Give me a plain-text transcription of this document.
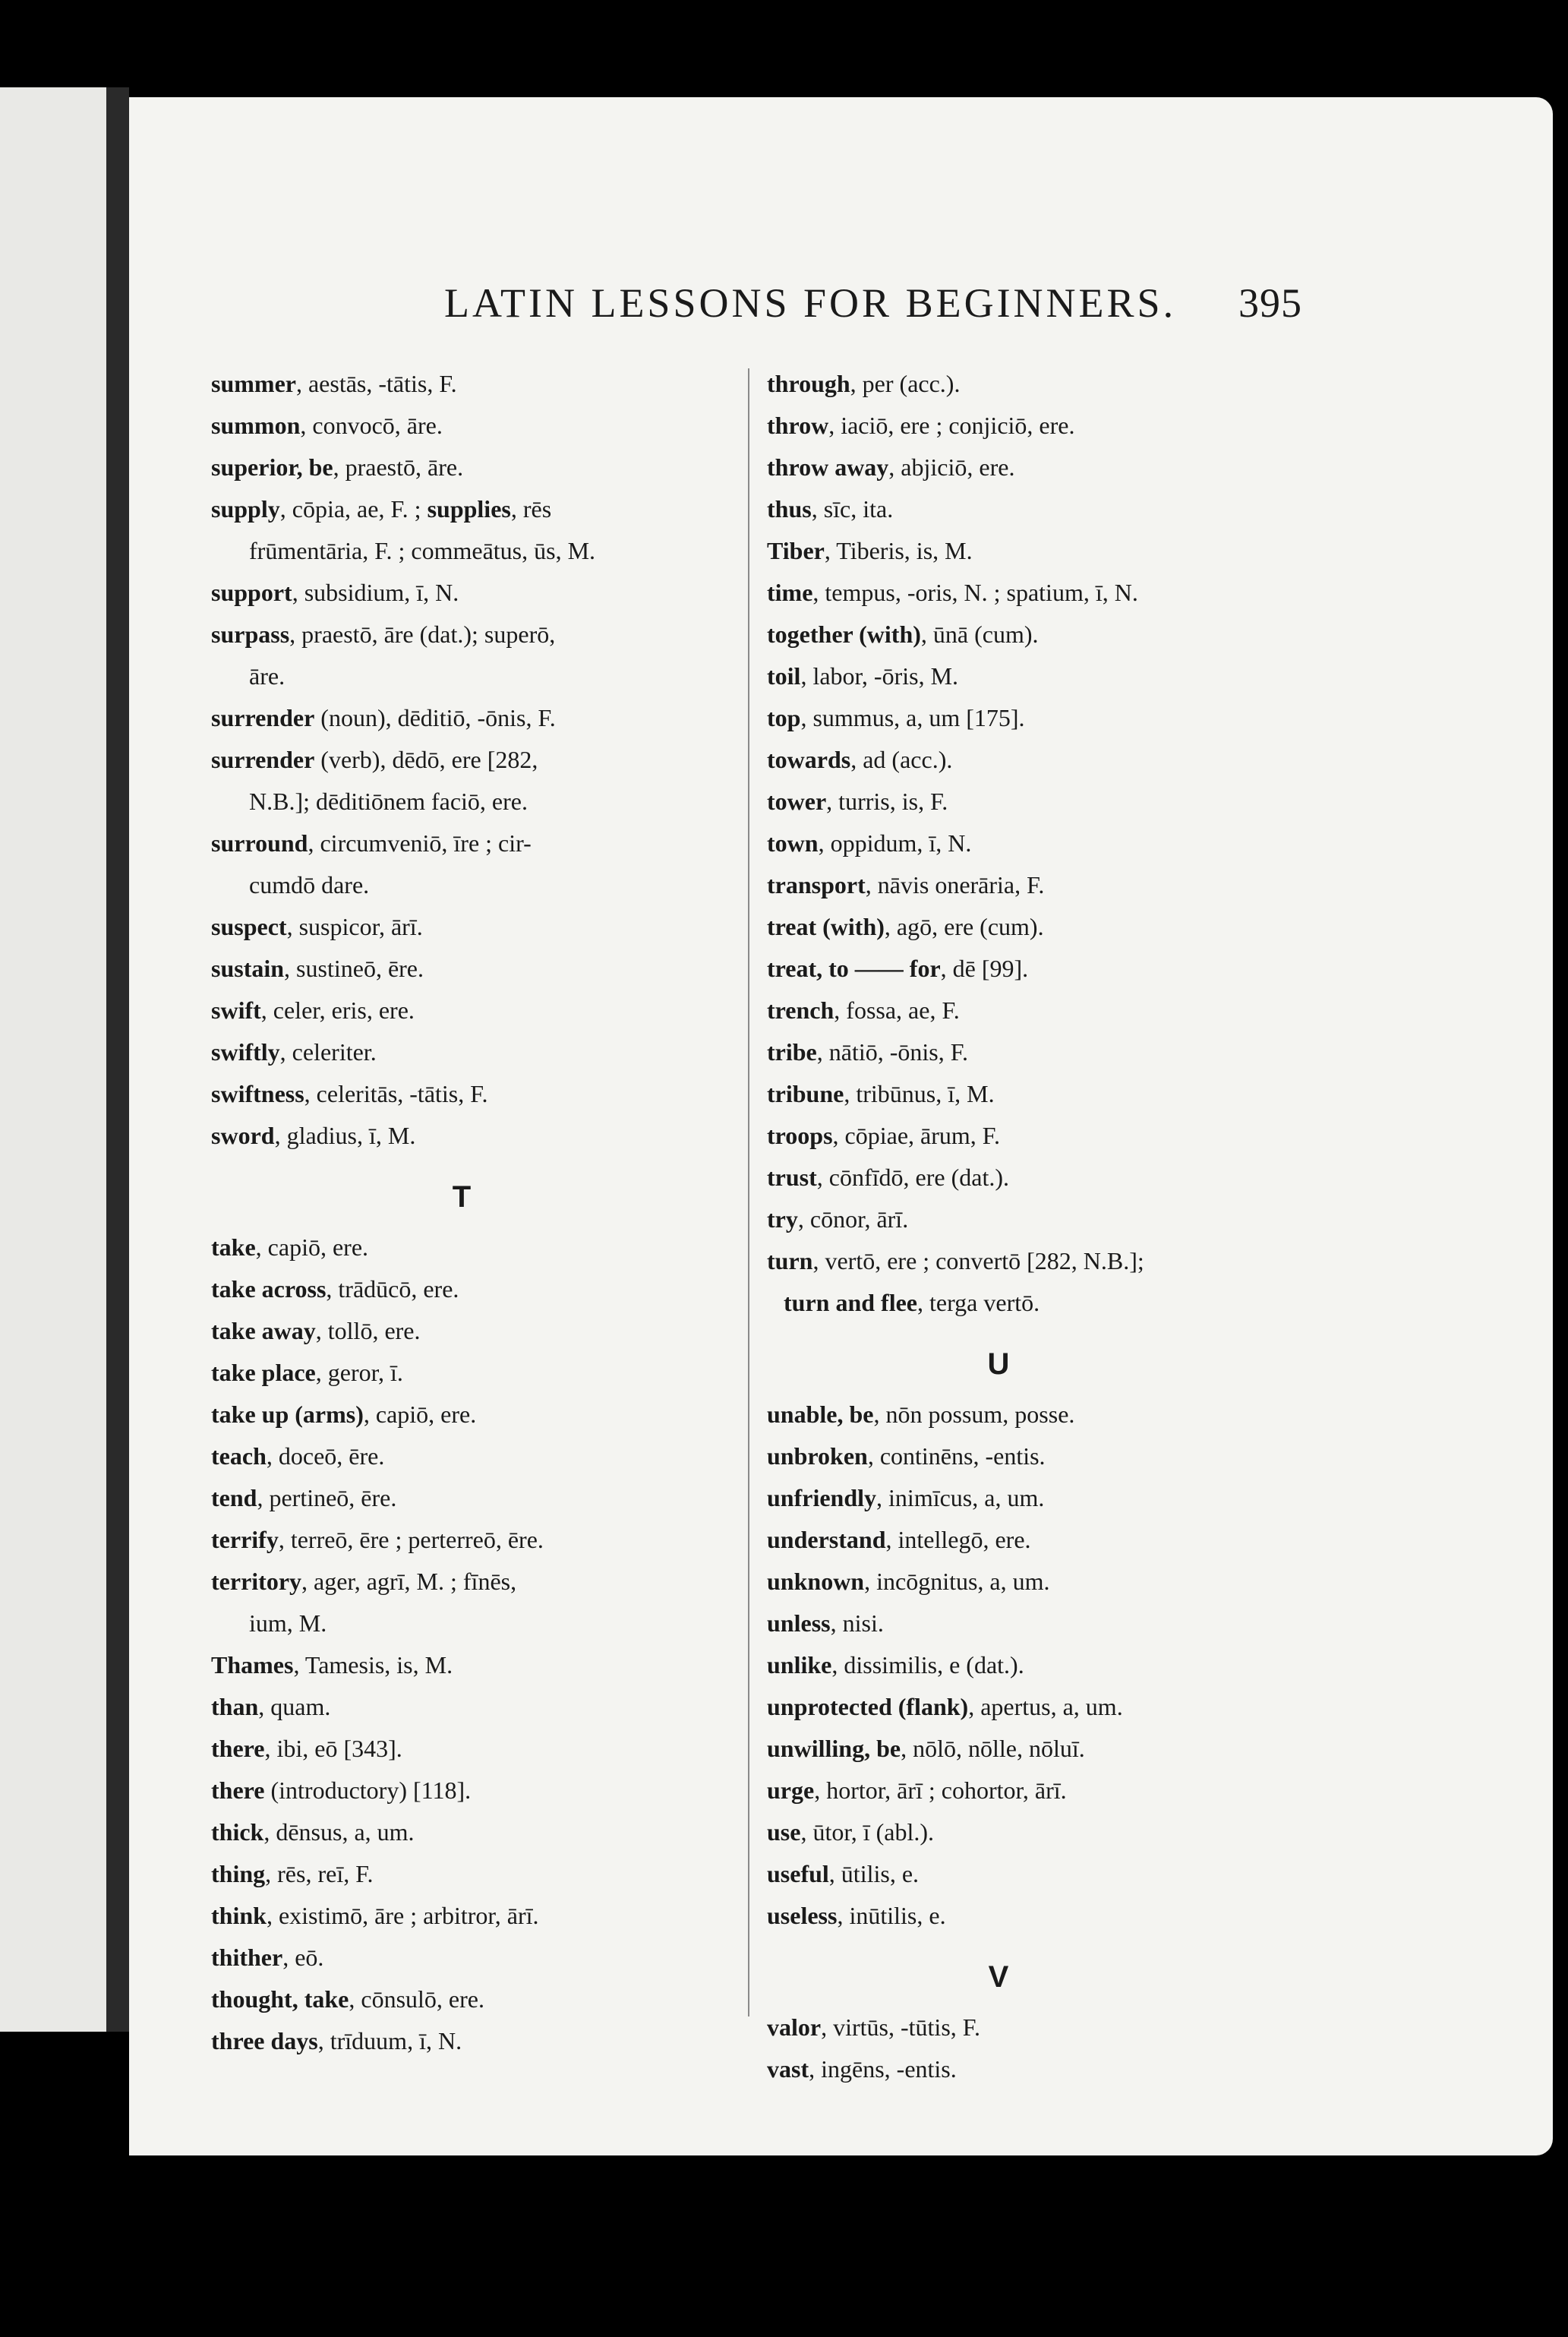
LATIN LESSONS FOR BEGINNERS. 395
summer, aestās, -tātis, F.
summon, convocō, āre.
superior, be, praestō, āre.
supply, cōpia, ae, F. ; supplies, rēs
frūmentāria, F. ; commeātus, ūs, M.
support, subsidium, ī, N.
surpass, praestō, āre (dat.); superō,
āre.
surrender (noun), dēditiō, -ōnis, F.
surrender (verb), dēdō, ere [282,
N.B.]; dēditiōnem faciō, ere.
surround, circumveniō, īre ; cir-
cumdō dare.
suspect, suspicor, ārī.
sustain, sustineō, ēre.
swift, celer, eris, ere.
swiftly, celeriter.
swiftness, celeritās, -tātis, F.
sword, gladius, ī, M.
T
take, capiō, ere.
take across, trādūcō, ere.
take away, tollō, ere.
take place, geror, ī.
take up (arms), capiō, ere.
teach, doceō, ēre.
tend, pertineō, ēre.
terrify, terreō, ēre ; perterreō, ēre.
territory, ager, agrī, M. ; fīnēs,
ium, M.
Thames, Tamesis, is, M.
than, quam.
there, ibi, eō [343].
there (introductory) [118].
thick, dēnsus, a, um.
thing, rēs, reī, F.
think, existimō, āre ; arbitror, ārī.
thither, eō.
thought, take, cōnsulō, ere.
three days, trīduum, ī, N.
through, per (acc.).
throw, iaciō, ere ; conjiciō, ere.
throw away, abjiciō, ere.
thus, sīc, ita.
Tiber, Tiberis, is, M.
time, tempus, -oris, N. ; spatium, ī, N.
together (with), ūnā (cum).
toil, labor, -ōris, M.
top, summus, a, um [175].
towards, ad (acc.).
tower, turris, is, F.
town, oppidum, ī, N.
transport, nāvis onerāria, F.
treat (with), agō, ere (cum).
treat, to —— for, dē [99].
trench, fossa, ae, F.
tribe, nātiō, -ōnis, F.
tribune, tribūnus, ī, M.
troops, cōpiae, ārum, F.
trust, cōnfīdō, ere (dat.).
try, cōnor, ārī.
turn, vertō, ere ; convertō [282, N.B.];
turn and flee, terga vertō.
U
unable, be, nōn possum, posse.
unbroken, continēns, -entis.
unfriendly, inimīcus, a, um.
understand, intellegō, ere.
unknown, incōgnitus, a, um.
unless, nisi.
unlike, dissimilis, e (dat.).
unprotected (flank), apertus, a, um.
unwilling, be, nōlō, nōlle, nōluī.
urge, hortor, ārī ; cohortor, ārī.
use, ūtor, ī (abl.).
useful, ūtilis, e.
useless, inūtilis, e.
V
valor, virtūs, -tūtis, F.
vast, ingēns, -entis.
